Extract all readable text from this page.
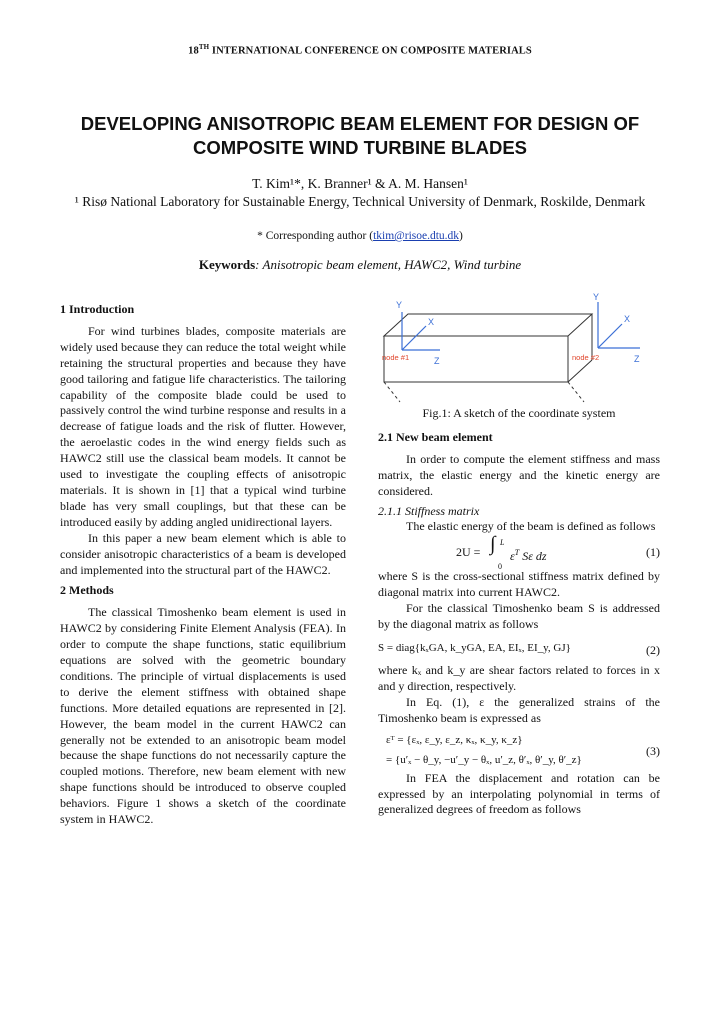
18TH INTERNATIONAL CONFERENCE ON COMPOSITE MATERIALS
DEVELOPING ANISOTROPIC BEAM ELEMENT FOR DESIGN OF
COMPOSITE WIND TURBINE BLADES
T. Kim¹*, K. Branner¹ & A. M. Hansen¹
¹ Risø National Laboratory for Sustainable Energy, Technical University of Denmark, Roskilde, Denmark
* Corresponding author (tkim@risoe.dtu.dk)
Keywords: Anisotropic beam element, HAWC2, Wind turbine
1 Introduction

For wind turbines blades, composite materials are widely used because they can reduce the total weight while retaining the structural properties and because they have good tailoring and fatigue life characteristics. The tailoring capability of the composite blade could be used to passively control the wind turbine response and results in a decrease of fatigue loads and the risk of flutter. However, the aeroelastic codes in the wind energy fields such as HAWC2 still use the classical beam models. It cannot be used to investigate the coupling effects of anisotropic materials. It is shown in [1] that a typical wind turbine blade has very small couplings, but that these can be introduced easily by adding angled unidirectional layers.

In this paper a new beam element which is able to consider anisotropic characteristics of a beam is developed and implemented into the structural part of the HAWC2.

2 Methods

The classical Timoshenko beam element is used in HAWC2 by considering Finite Element Analysis (FEA). In order to compute the shape functions, static equilibrium equations are solved with the geometric boundary conditions. The principle of virtual displacements is used to derive the element stiffness with obtained shape functions. More detailed equations are represented in [2]. However, the beam model in the current HAWC2 can generally not be extended to an anisotropic beam model because the shape functions do not necessarily capture the coupled motions. Therefore, new beam element with new shape functions should be introduced to observe coupled behaviors. Figure 1 shows a sketch of the coordinate system in HAWC2.

Y
X
Z
Y
X
Z
node #1	node #2
Fig.1: A sketch of the coordinate system
2.1 New beam element

In order to compute the element stiffness and mass matrix, the elastic energy and the kinetic energy are considered.

2.1.1 Stiffness matrix

The elastic energy of the beam is defined as follows

2U = ∫ L
0
$\varepsilon^T$ Sε dz	(1)

where S is the cross-sectional stiffness matrix defined by diagonal matrix into current HAWC2.

For the classical Timoshenko beam S is addressed by the diagonal matrix as follows

S = diag{kₓGA, k_yGA, EA, EIₓ, EI_y, GJ}	(2)

where kₓ and k_y are shear factors related to forces in x and y direction, respectively.

In Eq. (1), ε the generalized strains of the Timoshenko beam is expressed as

εᵀ = {εₓ, ε_y, ε_z, κₓ, κ_y, κ_z}
= {u′ₓ − θ_y, −u′_y − θₓ, u′_z, θ′ₓ, θ′_y, θ′_z}
(3)

In FEA the displacement and rotation can be expressed by an interpolating polynomial in terms of generalized degrees of freedom as follows
